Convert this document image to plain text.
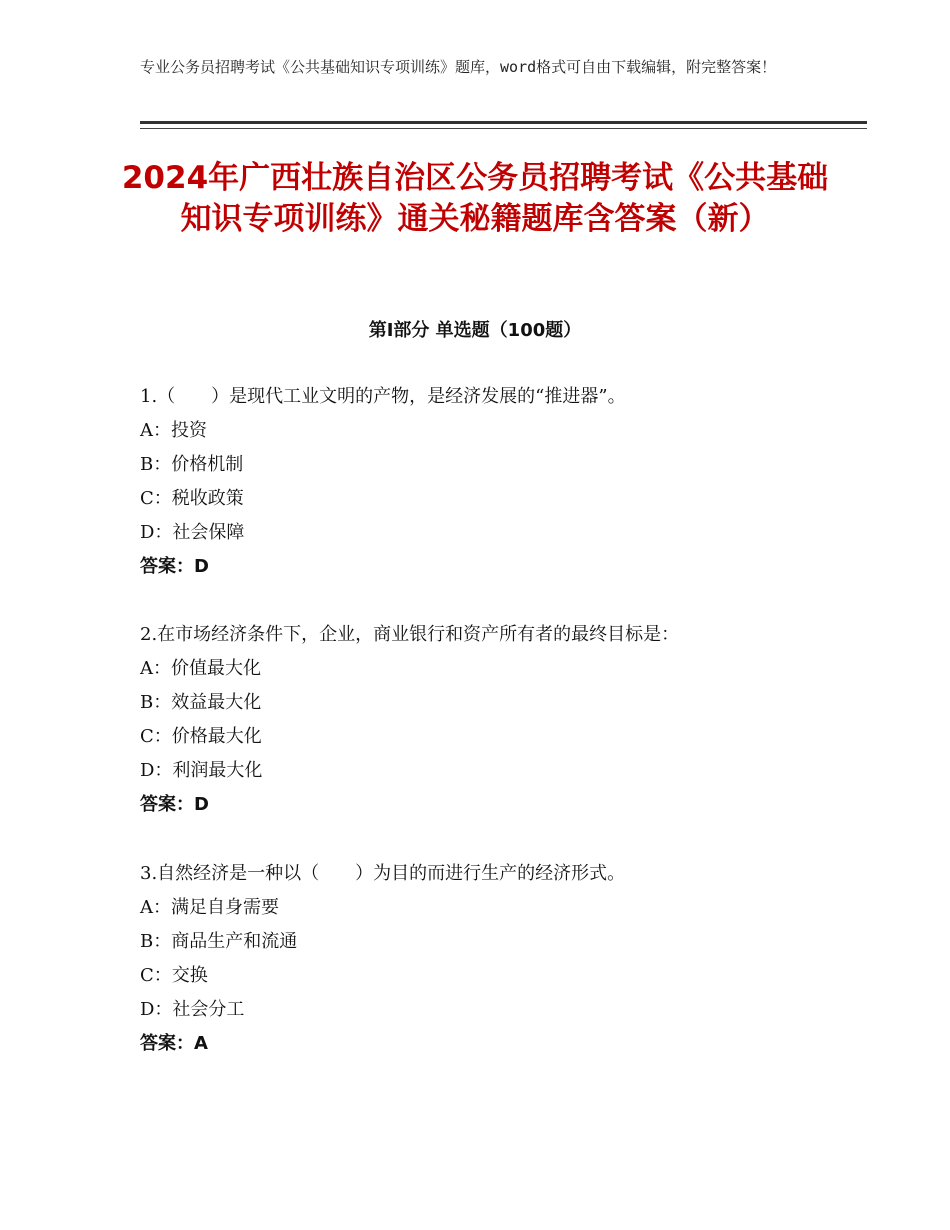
专业公务员招聘考试《公共基础知识专项训练》题库，word格式可自由下载编辑，附完整答案！
2024年广西壮族自治区公务员招聘考试《公共基础知识专项训练》通关秘籍题库含答案（新）
第Ⅰ部分 单选题（100题）
1.（　　）是现代工业文明的产物，是经济发展的“推进器”。
A：投资
B：价格机制
C：税收政策
D：社会保障
答案：D
2.在市场经济条件下，企业，商业银行和资产所有者的最终目标是：
A：价值最大化
B：效益最大化
C：价格最大化
D：利润最大化
答案：D
3.自然经济是一种以（　　）为目的而进行生产的经济形式。
A：满足自身需要
B：商品生产和流通
C：交换
D：社会分工
答案：A
